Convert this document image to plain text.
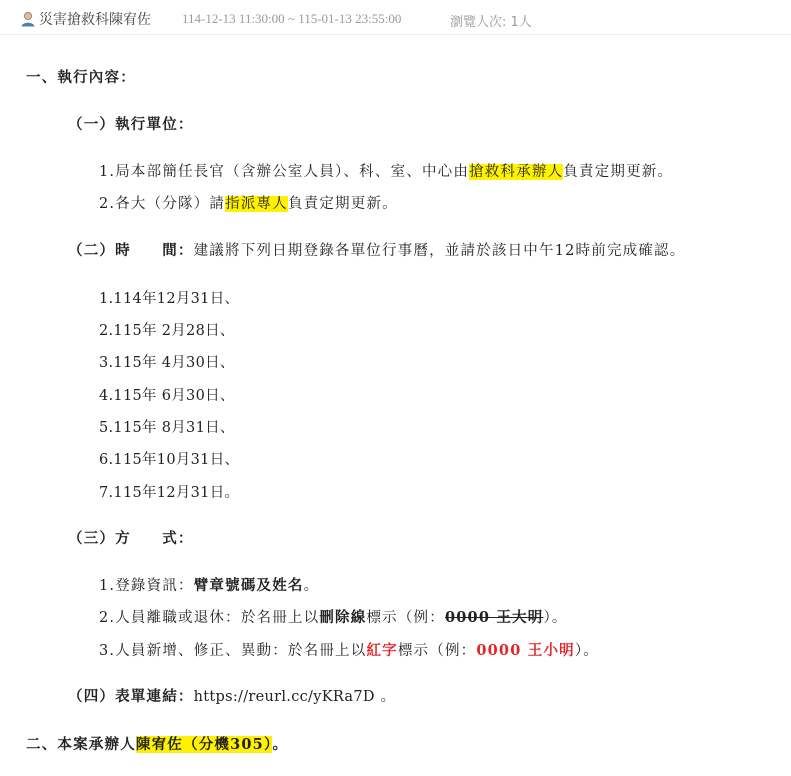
災害搶救科陳宥佐 114-12-13 11:30:00 ~ 115-01-13 23:55:00	瀏覽人次: 1人
一、執行內容：
（一）執行單位：
1.局本部簡任長官（含辦公室人員）、科、室、中心由搶救科承辦人負責定期更新。
2.各大（分隊）請指派專人負責定期更新。
（二）時　　間：建議將下列日期登錄各單位行事曆，並請於該日中午12時前完成確認。
1.114年12月31日、
2.115年 2月28日、
3.115年 4月30日、
4.115年 6月30日、
5.115年 8月31日、
6.115年10月31日、
7.115年12月31日。
（三）方　　式：
1.登錄資訊：臂章號碼及姓名。
2.人員離職或退休：於名冊上以刪除線標示（例：0000 王大明）。
3.人員新增、修正、異動：於名冊上以紅字標示（例：0000 王小明）。
（四）表單連結：https://reurl.cc/yKRa7D 。
二、本案承辦人陳宥佐（分機305）。
